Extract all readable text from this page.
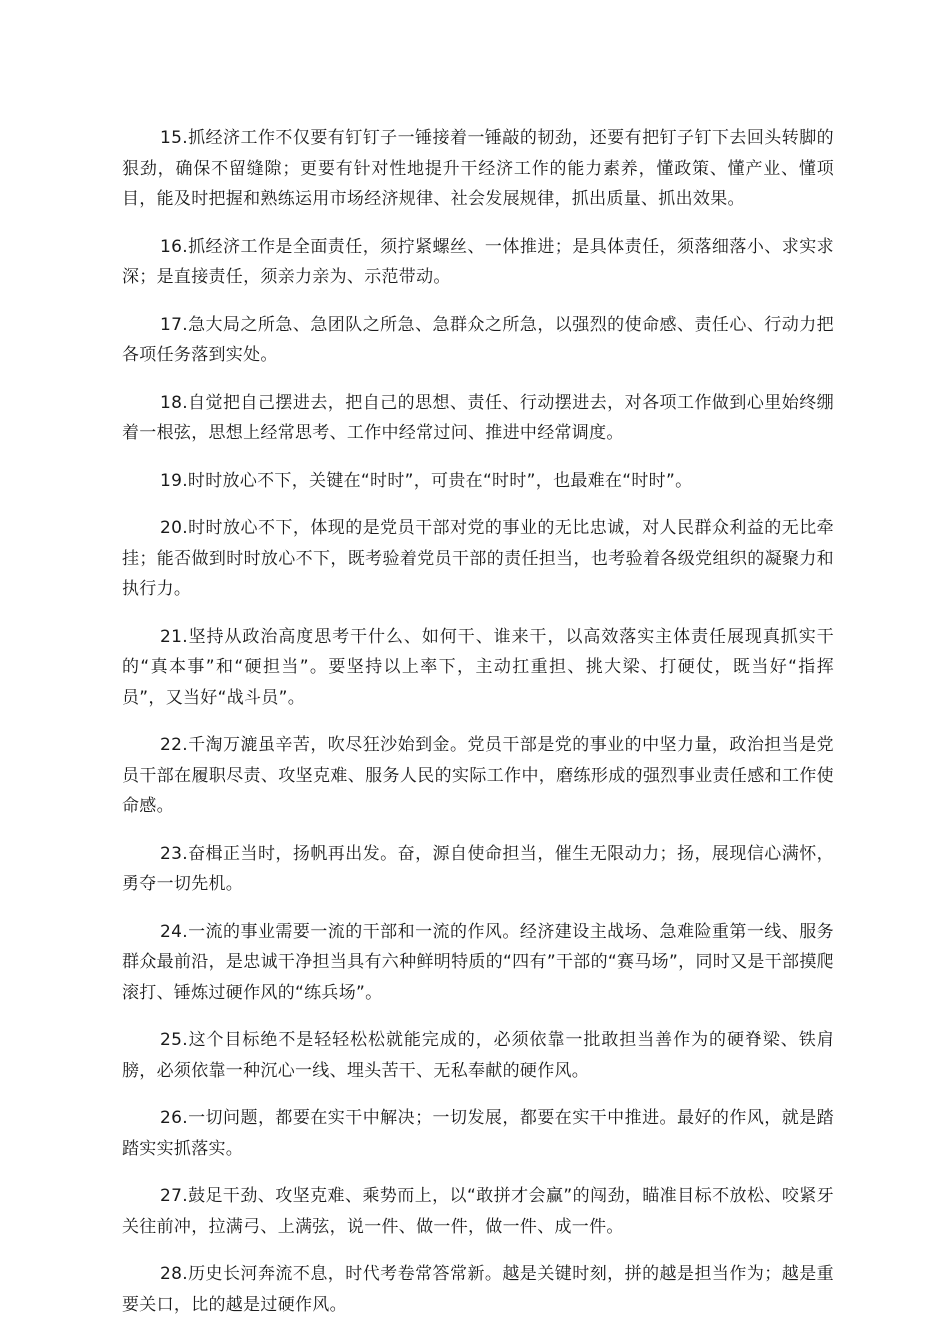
15.抓经济工作不仅要有钉钉子一锤接着一锤敲的韧劲，还要有把钉子钉下去回头转脚的狠劲，确保不留缝隙；更要有针对性地提升干经济工作的能力素养，懂政策、懂产业、懂项目，能及时把握和熟练运用市场经济规律、社会发展规律，抓出质量、抓出效果。

16.抓经济工作是全面责任，须拧紧螺丝、一体推进；是具体责任，须落细落小、求实求深；是直接责任，须亲力亲为、示范带动。

17.急大局之所急、急团队之所急、急群众之所急，以强烈的使命感、责任心、行动力把各项任务落到实处。

18.自觉把自己摆进去，把自己的思想、责任、行动摆进去，对各项工作做到心里始终绷着一根弦，思想上经常思考、工作中经常过问、推进中经常调度。

19.时时放心不下，关键在“时时”，可贵在“时时”，也最难在“时时”。

20.时时放心不下，体现的是党员干部对党的事业的无比忠诚，对人民群众利益的无比牵挂；能否做到时时放心不下，既考验着党员干部的责任担当，也考验着各级党组织的凝聚力和执行力。

21.坚持从政治高度思考干什么、如何干、谁来干，以高效落实主体责任展现真抓实干的“真本事”和“硬担当”。要坚持以上率下，主动扛重担、挑大梁、打硬仗，既当好“指挥员”，又当好“战斗员”。

22.千淘万漉虽辛苦，吹尽狂沙始到金。党员干部是党的事业的中坚力量，政治担当是党员干部在履职尽责、攻坚克难、服务人民的实际工作中，磨练形成的强烈事业责任感和工作使命感。

23.奋楫正当时，扬帆再出发。奋，源自使命担当，催生无限动力；扬，展现信心满怀，勇夺一切先机。

24.一流的事业需要一流的干部和一流的作风。经济建设主战场、急难险重第一线、服务群众最前沿，是忠诚干净担当具有六种鲜明特质的“四有”干部的“赛马场”，同时又是干部摸爬滚打、锤炼过硬作风的“练兵场”。

25.这个目标绝不是轻轻松松就能完成的，必须依靠一批敢担当善作为的硬脊梁、铁肩膀，必须依靠一种沉心一线、埋头苦干、无私奉献的硬作风。

26.一切问题，都要在实干中解决；一切发展，都要在实干中推进。最好的作风，就是踏踏实实抓落实。

27.鼓足干劲、攻坚克难、乘势而上，以“敢拼才会赢”的闯劲，瞄准目标不放松、咬紧牙关往前冲，拉满弓、上满弦，说一件、做一件，做一件、成一件。

28.历史长河奔流不息，时代考卷常答常新。越是关键时刻，拼的越是担当作为；越是重要关口，比的越是过硬作风。
